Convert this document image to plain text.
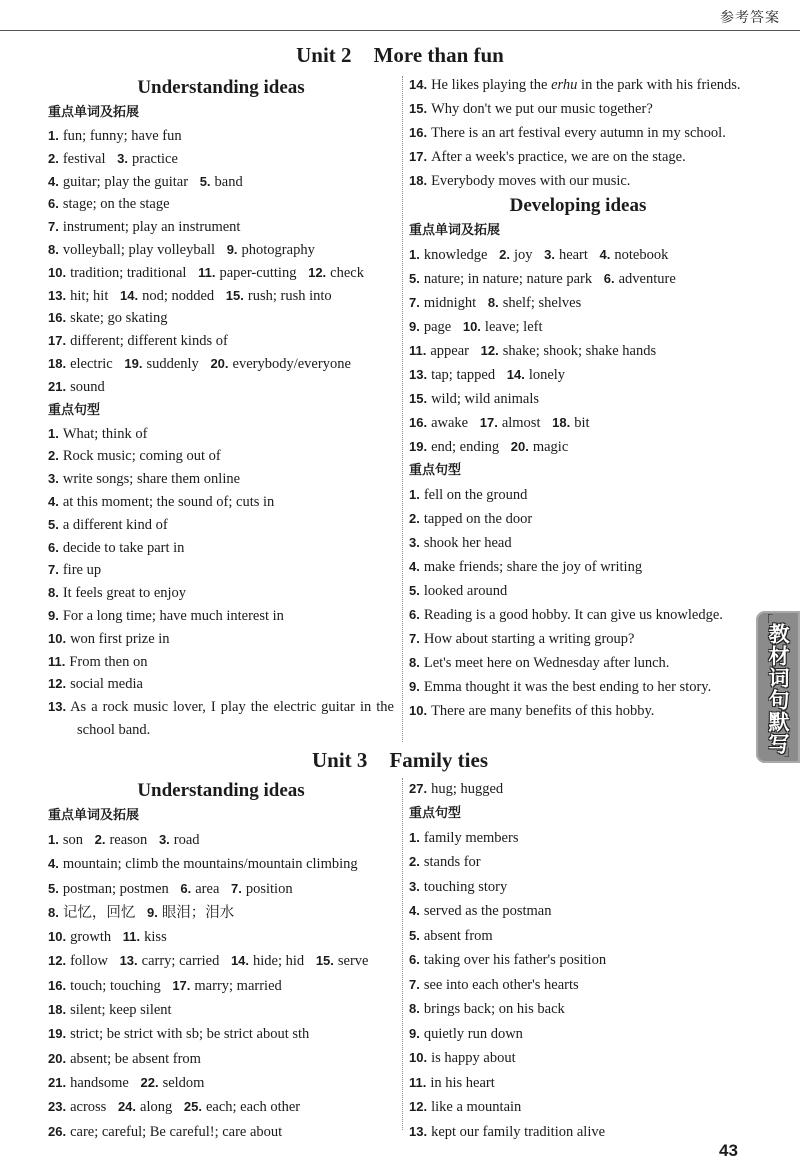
参考答案
Unit 2 More than fun
Understanding ideas
重点单词及拓展
1. fun; funny; have fun
2. festival 3. practice
4. guitar; play the guitar 5. band
6. stage; on the stage
7. instrument; play an instrument
8. volleyball; play volleyball 9. photography
10. tradition; traditional 11. paper-cutting 12. check
13. hit; hit 14. nod; nodded 15. rush; rush into
16. skate; go skating
17. different; different kinds of
18. electric 19. suddenly 20. everybody/everyone
21. sound
重点句型
1. What; think of
2. Rock music; coming out of
3. write songs; share them online
4. at this moment; the sound of; cuts in
5. a different kind of
6. decide to take part in
7. fire up
8. It feels great to enjoy
9. For a long time; have much interest in
10. won first prize in
11. From then on
12. social media
13. As a rock music lover, I play the electric guitar in the school band.
14. He likes playing the erhu in the park with his friends.
15. Why don't we put our music together?
16. There is an art festival every autumn in my school.
17. After a week's practice, we are on the stage.
18. Everybody moves with our music.
Developing ideas
重点单词及拓展
1. knowledge 2. joy 3. heart 4. notebook
5. nature; in nature; nature park 6. adventure
7. midnight 8. shelf; shelves
9. page 10. leave; left
11. appear 12. shake; shook; shake hands
13. tap; tapped 14. lonely
15. wild; wild animals
16. awake 17. almost 18. bit
19. end; ending 20. magic
重点句型
1. fell on the ground
2. tapped on the door
3. shook her head
4. make friends; share the joy of writing
5. looked around
6. Reading is a good hobby. It can give us knowledge.
7. How about starting a writing group?
8. Let's meet here on Wednesday after lunch.
9. Emma thought it was the best ending to her story.
10. There are many benefits of this hobby.
Unit 3 Family ties
Understanding ideas
重点单词及拓展
1. son 2. reason 3. road
4. mountain; climb the mountains/mountain climbing
5. postman; postmen 6. area 7. position
8. 记忆，回忆 9. 眼泪；泪水
10. growth 11. kiss
12. follow 13. carry; carried 14. hide; hid 15. serve
16. touch; touching 17. marry; married
18. silent; keep silent
19. strict; be strict with sb; be strict about sth
20. absent; be absent from
21. handsome 22. seldom
23. across 24. along 25. each; each other
26. care; careful; Be careful!; care about
27. hug; hugged
重点句型
1. family members
2. stands for
3. touching story
4. served as the postman
5. absent from
6. taking over his father's position
7. see into each other's hearts
8. brings back; on his back
9. quietly run down
10. is happy about
11. in his heart
12. like a mountain
13. kept our family tradition alive
「
教材词句默写
」
43
